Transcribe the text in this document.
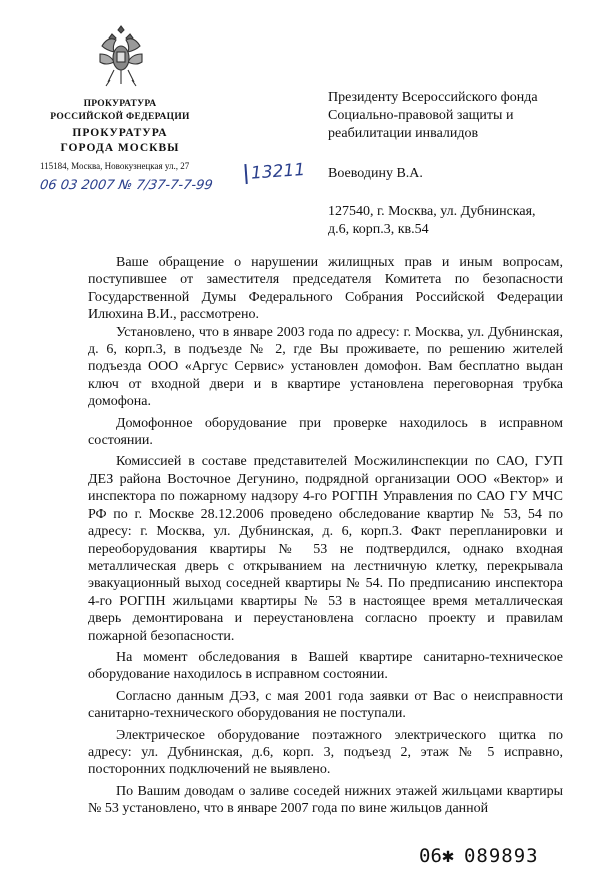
ПРОКУРАТУРА
РОССИЙСКОЙ ФЕДЕРАЦИИ
ПРОКУРАТУРА
ГОРОДА МОСКВЫ
115184, Москва, Новокузнецкая ул., 27
06 03 2007 № 7/37-7-7-99
13211

Президенту Всероссийского фонда

Социально-правовой защиты и

реабилитации инвалидов

Воеводину В.А.

127540, г. Москва, ул. Дубнинская,

д.6, корп.3, кв.54

Ваше обращение о нарушении жилищных прав и иным вопросам, поступившее от заместителя председателя Комитета по безопасности Государственной Думы Федерального Собрания Российской Федерации Илюхина В.И., рассмотрено.

Установлено, что в январе 2003 года по адресу: г. Москва, ул. Дубнинская, д. 6, корп.3, в подъезде № 2, где Вы проживаете, по решению жителей подъезда ООО «Аргус Сервис» установлен домофон. Вам бесплатно выдан ключ от входной двери и в квартире установлена переговорная трубка домофона.

Домофонное оборудование при проверке находилось в исправном состоянии.

Комиссией в составе представителей Мосжилинспекции по САО, ГУП ДЕЗ района Восточное Дегунино, подрядной организации ООО «Вектор» и инспектора по пожарному надзору 4-го РОГПН Управления по САО ГУ МЧС РФ по г. Москве 28.12.2006 проведено обследование квартир № 53, 54 по адресу: г. Москва, ул. Дубнинская, д. 6, корп.3. Факт перепланировки и переоборудования квартиры № 53 не подтвердился, однако входная металлическая дверь с открыванием на лестничную клетку, перекрывала эвакуационный выход соседней квартиры № 54. По предписанию инспектора 4-го РОГПН жильцами квартиры № 53 в настоящее время металлическая дверь демонтирована и переустановлена согласно проекту и правилам пожарной безопасности.

На момент обследования в Вашей квартире санитарно-техническое оборудование находилось в исправном состоянии.

Согласно данным ДЭЗ, с мая 2001 года заявки от Вас о неисправности санитарно-технического оборудования не поступали.

Электрическое оборудование поэтажного электрического щитка по адресу: ул. Дубнинская, д.6, корп. 3, подъезд 2, этаж № 5 исправно, посторонних подключений не выявлено.

По Вашим доводам о заливе соседей нижних этажей жильцами квартиры № 53 установлено, что в январе 2007 года по вине жильцов данной

06✱ 089893
